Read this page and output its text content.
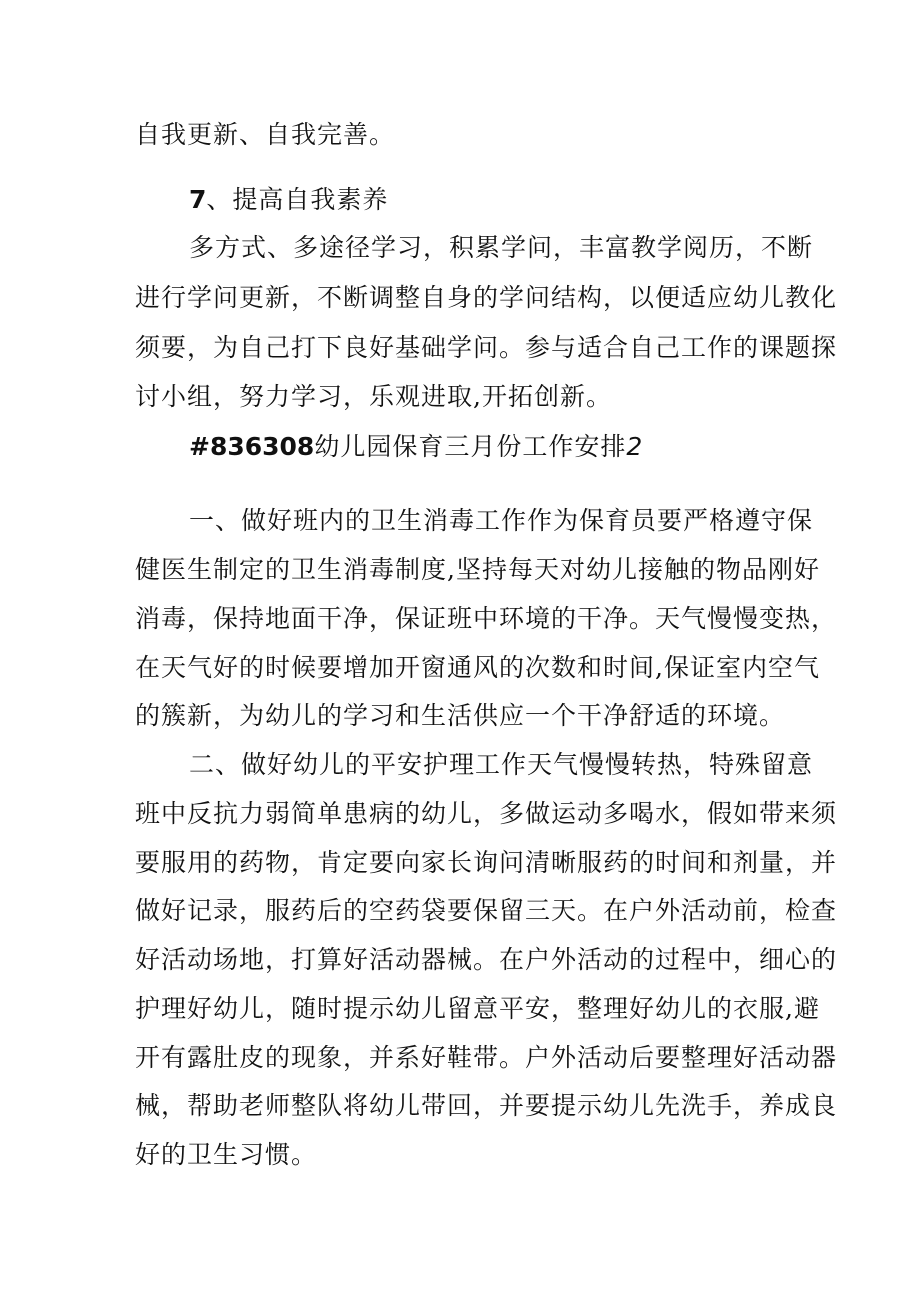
自我更新、自我完善。
7、提高自我素养
多方式、多途径学习，积累学问，丰富教学阅历，不断
进行学问更新，不断调整自身的学问结构，以便适应幼儿教化
须要，为自己打下良好基础学问。参与适合自己工作的课题探
讨小组，努力学习，乐观进取,开拓创新。
#836308幼儿园保育三月份工作安排2
一、做好班内的卫生消毒工作作为保育员要严格遵守保
健医生制定的卫生消毒制度,坚持每天对幼儿接触的物品刚好
消毒，保持地面干净，保证班中环境的干净。天气慢慢变热，
在天气好的时候要增加开窗通风的次数和时间,保证室内空气
的簇新，为幼儿的学习和生活供应一个干净舒适的环境。
二、做好幼儿的平安护理工作天气慢慢转热，特殊留意
班中反抗力弱简单患病的幼儿，多做运动多喝水，假如带来须
要服用的药物，肯定要向家长询问清晰服药的时间和剂量，并
做好记录，服药后的空药袋要保留三天。在户外活动前，检查
好活动场地，打算好活动器械。在户外活动的过程中，细心的
护理好幼儿，随时提示幼儿留意平安，整理好幼儿的衣服,避
开有露肚皮的现象，并系好鞋带。户外活动后要整理好活动器
械，帮助老师整队将幼儿带回，并要提示幼儿先洗手，养成良
好的卫生习惯。
